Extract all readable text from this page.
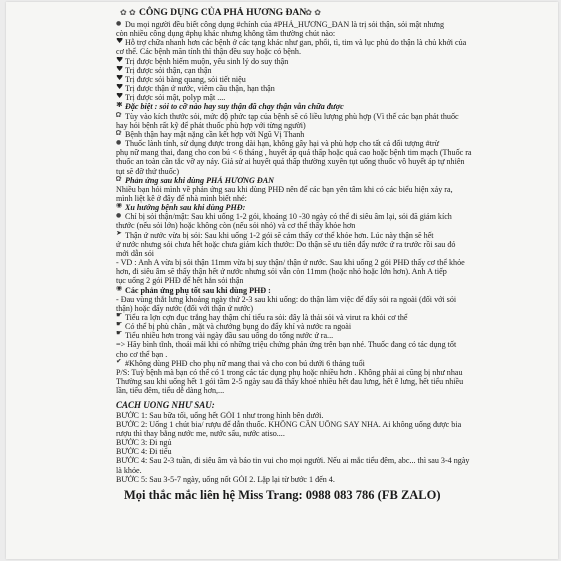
✿✿CÔNG DỤNG CỦA PHẢ HƯƠNG ĐAN✿✿
●Du mọi người đều biết công dụng #chính của #PHẢ_HƯƠNG_ĐAN là trị sỏi thận, sỏi mật nhưng
còn nhiều công dụng #phụ khác nhưng không tầm thường chút nào:
♥Hỗ trợ chữa nhanh hơn các bệnh ở các tạng khác như gan, phổi, tì, tim và lục phủ do thận là chủ khởi của
cơ thể. Các bệnh mãn tính thì thận đều suy hoặc có bệnh.
♥Trị được bệnh hiếm muộn, yếu sinh lý do suy thận
♥Trị được sỏi thận, cạn thận
♥Trị được sỏi bàng quang, sỏi tiết niệu
♥Trị được thận ứ nước, viêm cầu thận, hạn thận
♥Trị được sỏi mật, polyp mật ....
✱Đặc biệt : sỏi to cỡ nào hay suy thận đã chạy thận vẫn chữa được
✿Tùy vào kích thước sỏi, mức độ phức tạp của bệnh sẽ có liều lượng phù hợp (Vì thế các bạn phát thuốc
hay hỏi bệnh rất kỹ để phát thuốc phù hợp với từng người)
✿Bệnh thận hay mật nặng cần kết hợp với Ngũ Vị Thanh
●Thuốc lành tính, sử dụng được trong dài hạn, không gây hại và phù hợp cho tất cả đối tượng #trừ
phụ nữ mang thai, đang cho con bú < 6 tháng , huyết áp quá thấp hoặc quá cao hoặc bệnh tim mạch (Thuốc ra
thuốc an toàn cần tắc vỡ ay náy. Giả sử ai huyết quá thấp thường xuyên tụt uống thuốc vô huyết áp tự nhiên
tụt sẽ đỡ thứ thuốc)
✿Phản ứng sau khi dùng PHẢ HƯƠNG ĐAN
Nhiều bạn hỏi mình về phản ứng sau khi dùng PHĐ nên để các bạn yên tâm khi có các biểu hiện xảy ra,
mình liệt kê ở đây để nhà mình biết nhé:
◉Xu hướng bệnh sau khi dùng PHĐ:
●Chỉ bị sỏi thận/mật: Sau khi uống 1-2 gói, khoảng 10 -30 ngày có thể đi siêu âm lại, sỏi đã giảm kích
thước (nếu sỏi lớn) hoặc không còn (nếu sỏi nhỏ) và cơ thể thấy khỏe hơn
➤Thận ứ nước vừa bị sỏi: Sau khi uống 1-2 gói sẽ cảm thấy cơ thể khỏe hơn. Lúc này thận sẽ hết
ứ nước nhưng sỏi chưa hết hoặc chưa giảm kích thước: Do thận sẽ ưu tiên đẩy nước ứ ra trước rồi sau đó
mới dẫn sỏi
- VD : Anh A vừa bị sỏi thận 11mm vừa bị suy thận/ thận ứ nước. Sau khi uống 2 gói PHĐ thấy cơ thể khỏe
hơn, đi siêu âm sẽ thấy thận hết ứ nước nhưng sỏi vẫn còn 11mm (hoặc nhỏ hoặc lớn hơn). Anh A tiếp
tục uống 2 gói PHĐ để hết hẳn sỏi thận
◉Các phản ứng phụ tốt sau khi dùng PHĐ :
- Đau vùng thắt lưng khoảng ngày thứ 2-3 sau khi uống: do thận làm việc để đẩy sỏi ra ngoài (đối với sỏi
thận) hoặc đẩy nước (đối với thận ứ nước)
☛Tiểu ra lợn cợn đục trắng hay thậm chí tiểu ra sỏi: đây là thải sỏi và virut ra khỏi cơ thể
☛Có thể bị phù chân , mặt và chướng bụng do đẩy khí và nước ra ngoài
☛Tiểu nhiều hơn trong vài ngày đầu sau uống do tống nước ứ ra...
=> Hãy bình tĩnh, thoải mái khi có những triệu chứng phản ứng trên bạn nhé. Thuốc đang có tác dụng tốt
cho cơ thể bạn .
✔#Không dùng PHĐ cho phụ nữ mang thai và cho con bú dưới 6 tháng tuổi
P/S: Tuỳ bệnh mà bạn có thể có 1 trong các tác dụng phụ hoặc nhiều hơn . Không phải ai cũng bị như nhau
Thường sau khi uống hết 1 gói tầm 2-5 ngày sau đã thấy khoẻ nhiều hết đau lưng, hết ê lưng, hết tiểu nhiều
lần, tiểu đêm, tiểu dễ dàng hơn,...
CÁCH UỐNG NHƯ SAU:
BƯỚC 1: Sau bữa tối, uống hết GÓI 1 như trong hình bên dưới.
BƯỚC 2: Uống 1 chút bia/ rượu để dẫn thuốc. KHÔNG CẦN UỐNG SAY NHA. Ai không uống được bia
rượu thì thay bằng nước me, nước sấu, nước atiso....
BƯỚC 3: Đi ngủ
BƯỚC 4: Đi tiểu
BƯỚC 4: Sau 2-3 tuần, đi siêu âm và báo tin vui cho mọi người. Nếu ai mắc tiểu đêm, abc... thì sau 3-4 ngày
là khỏe.
BƯỚC 5: Sau 3-5-7 ngày, uống nốt GÓI 2. Lặp lại từ bước 1 đến 4.
Mọi thắc mắc liên hệ Miss Trang: 0988 083 786 (FB ZALO)
